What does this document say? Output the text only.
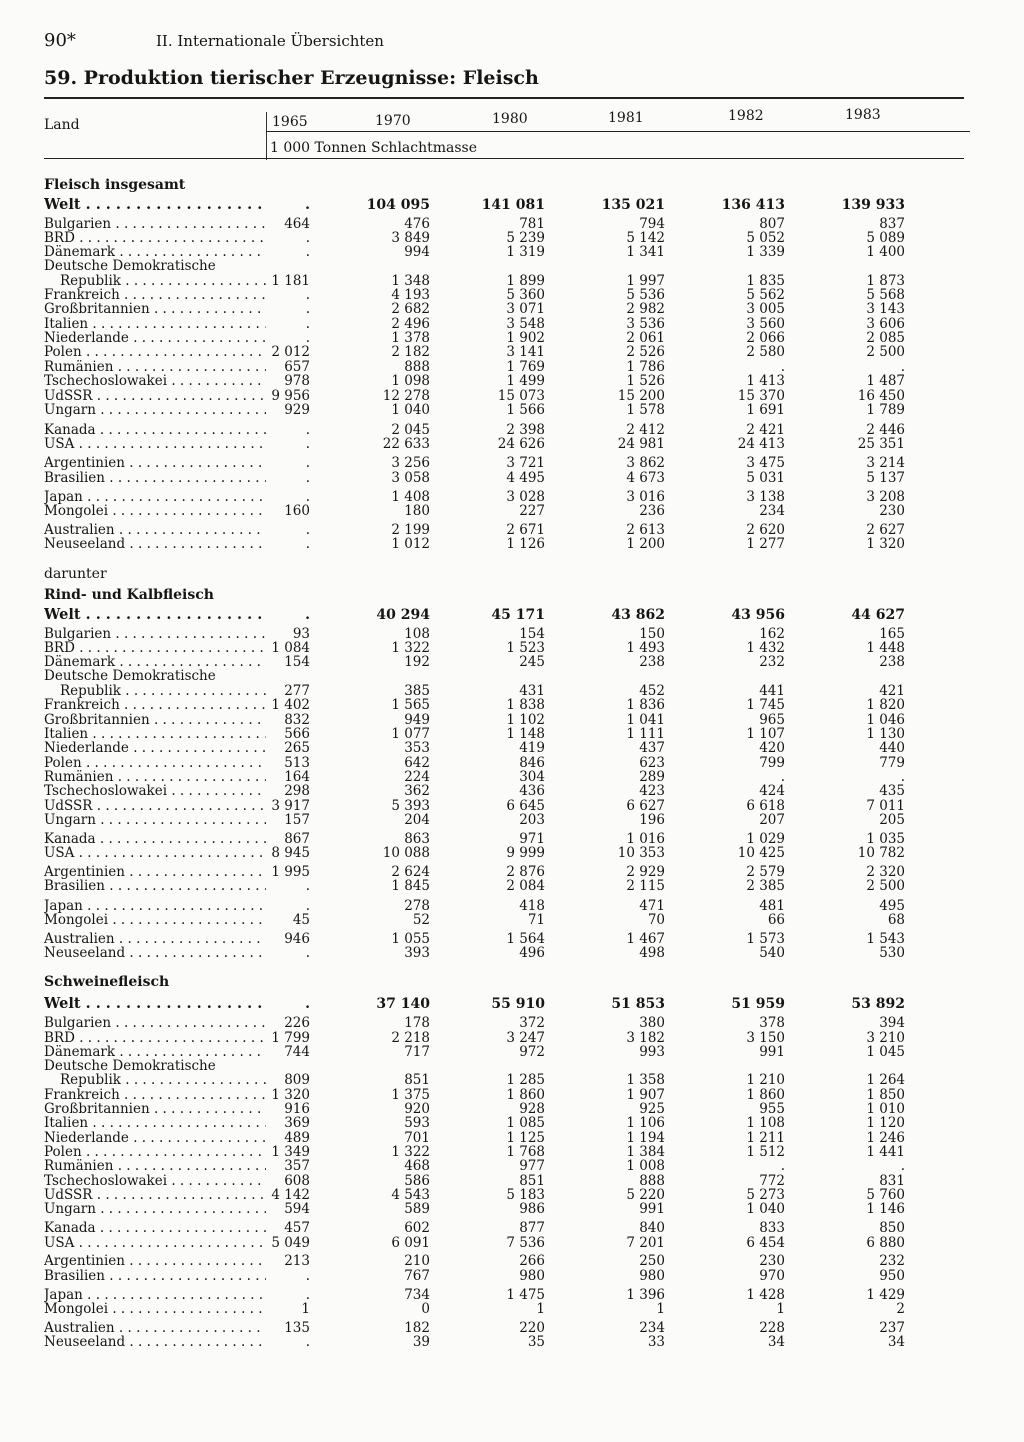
90*	II. Internationale Übersichten
59. Produktion tierischer Erzeugnisse: Fleisch
Land	1965	1970	1980	1981	1982	1983
1 000 Tonnen Schlachtmasse
Fleisch insgesamt
Welt . . .	.	104 095	141 081	135 021	136 413	139 933
Bulgarien . . .	464	476	781	794	807	837
BRD . . .	.	3 849	5 239	5 142	5 052	5 089
Dänemark . . .	.	994	1 319	1 341	1 339	1 400
Deutsche Demokratische
Republik . . .	1 181	1 348	1 899	1 997	1 835	1 873
Frankreich . . .	.	4 193	5 360	5 536	5 562	5 568
Großbritannien . . .	.	2 682	3 071	2 982	3 005	3 143
Italien . . .	.	2 496	3 548	3 536	3 560	3 606
Niederlande . . .	.	1 378	1 902	2 061	2 066	2 085
Polen . . .	2 012	2 182	3 141	2 526	2 580	2 500
Rumänien . . .	657	888	1 769	1 786	.	.
Tschechoslowakei . . .	978	1 098	1 499	1 526	1 413	1 487
UdSSR . . .	9 956	12 278	15 073	15 200	15 370	16 450
Ungarn . . .	929	1 040	1 566	1 578	1 691	1 789
Kanada . . .	.	2 045	2 398	2 412	2 421	2 446
USA . . .	.	22 633	24 626	24 981	24 413	25 351
Argentinien . . .	.	3 256	3 721	3 862	3 475	3 214
Brasilien . . .	.	3 058	4 495	4 673	5 031	5 137
Japan . . .	.	1 408	3 028	3 016	3 138	3 208
Mongolei . . .	160	180	227	236	234	230
Australien . . .	.	2 199	2 671	2 613	2 620	2 627
Neuseeland . . .	.	1 012	1 126	1 200	1 277	1 320
Rind- und Kalbfleisch
Welt . . .	.	40 294	45 171	43 862	43 956	44 627
Bulgarien . . .	93	108	154	150	162	165
BRD . . .	1 084	1 322	1 523	1 493	1 432	1 448
Dänemark . . .	154	192	245	238	232	238
Deutsche Demokratische
Republik . . .	277	385	431	452	441	421
Frankreich . . .	1 402	1 565	1 838	1 836	1 745	1 820
Großbritannien . . .	832	949	1 102	1 041	965	1 046
Italien . . .	566	1 077	1 148	1 111	1 107	1 130
Niederlande . . .	265	353	419	437	420	440
Polen . . .	513	642	846	623	799	779
Rumänien . . .	164	224	304	289	.	.
Tschechoslowakei . . .	298	362	436	423	424	435
UdSSR . . .	3 917	5 393	6 645	6 627	6 618	7 011
Ungarn . . .	157	204	203	196	207	205
Kanada . . .	867	863	971	1 016	1 029	1 035
USA . . .	8 945	10 088	9 999	10 353	10 425	10 782
Argentinien . . .	1 995	2 624	2 876	2 929	2 579	2 320
Brasilien . . .	.	1 845	2 084	2 115	2 385	2 500
Japan . . .	.	278	418	471	481	495
Mongolei . . .	45	52	71	70	66	68
Australien . . .	946	1 055	1 564	1 467	1 573	1 543
Neuseeland . . .	.	393	496	498	540	530
Schweinefleisch
Welt . . .	.	37 140	55 910	51 853	51 959	53 892
Bulgarien . . .	226	178	372	380	378	394
BRD . . .	1 799	2 218	3 247	3 182	3 150	3 210
Dänemark . . .	744	717	972	993	991	1 045
Deutsche Demokratische
Republik . . .	809	851	1 285	1 358	1 210	1 264
Frankreich . . .	1 320	1 375	1 860	1 907	1 860	1 850
Großbritannien . . .	916	920	928	925	955	1 010
Italien . . .	369	593	1 085	1 106	1 108	1 120
Niederlande . . .	489	701	1 125	1 194	1 211	1 246
Polen . . .	1 349	1 322	1 768	1 384	1 512	1 441
Rumänien . . .	357	468	977	1 008	.	.
Tschechoslowakei . . .	608	586	851	888	772	831
UdSSR . . .	4 142	4 543	5 183	5 220	5 273	5 760
Ungarn . . .	594	589	986	991	1 040	1 146
Kanada . . .	457	602	877	840	833	850
USA . . .	5 049	6 091	7 536	7 201	6 454	6 880
Argentinien . . .	213	210	266	250	230	232
Brasilien . . .	.	767	980	980	970	950
Japan . . .	.	734	1 475	1 396	1 428	1 429
Mongolei . . .	1	0	1	1	1	2
Australien . . .	135	182	220	234	228	237
Neuseeland . . .	.	39	35	33	34	34
darunter
